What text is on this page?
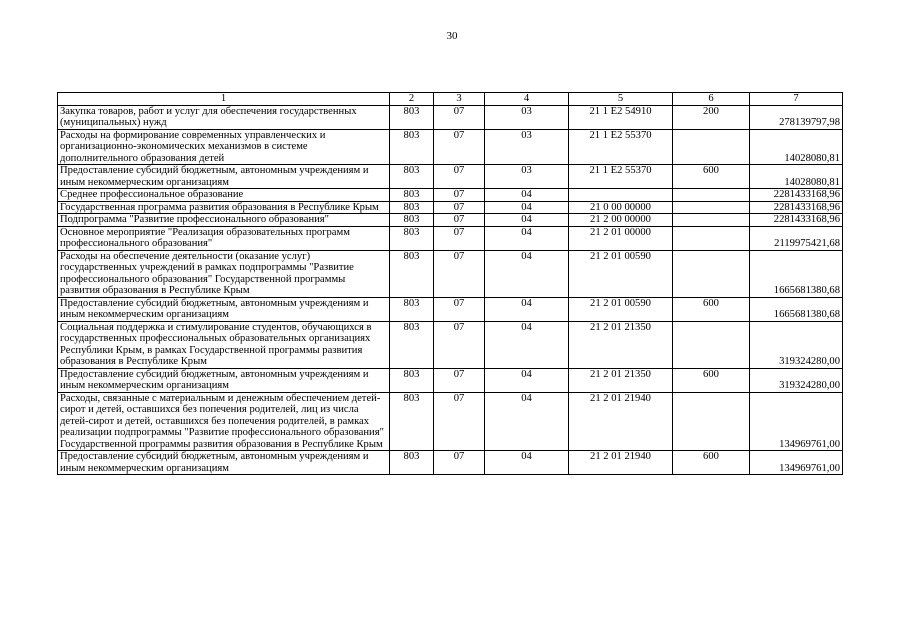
30
1	2	3	4	5	6	7
Закупка товаров, работ и услуг для обеспечения государственных (муниципальных) нужд	803	07	03	21 1 E2 54910	200	278139797,98
Расходы на формирование современных управленческих и организационно-экономических механизмов в системе дополнительного образования детей	803	07	03	21 1 E2 55370		14028080,81
Предоставление субсидий бюджетным, автономным учреждениям и иным некоммерческим организациям	803	07	03	21 1 E2 55370	600	14028080,81
Среднее профессиональное образование	803	07	04			2281433168,96
Государственная программа развития образования в Республике Крым	803	07	04	21 0 00 00000		2281433168,96
Подпрограмма "Развитие профессионального образования"	803	07	04	21 2 00 00000		2281433168,96
Основное мероприятие "Реализация образовательных программ профессионального образования"	803	07	04	21 2 01 00000		2119975421,68
Расходы на обеспечение деятельности (оказание услуг) государственных учреждений в рамках подпрограммы "Развитие профессионального образования" Государственной программы развития образования в Республике Крым	803	07	04	21 2 01 00590		1665681380,68
Предоставление субсидий бюджетным, автономным учреждениям и иным некоммерческим организациям	803	07	04	21 2 01 00590	600	1665681380,68
Социальная поддержка и стимулирование студентов, обучающихся в государственных профессиональных образовательных организациях Республики Крым, в рамках Государственной программы развития образования в Республике Крым	803	07	04	21 2 01 21350		319324280,00
Предоставление субсидий бюджетным, автономным учреждениям и иным некоммерческим организациям	803	07	04	21 2 01 21350	600	319324280,00
Расходы, связанные с материальным и денежным обеспечением детей-сирот и детей, оставшихся без попечения родителей, лиц из числа детей-сирот и детей, оставшихся без попечения родителей, в рамках реализации подпрограммы "Развитие профессионального образования" Государственной программы развития образования в Республике Крым	803	07	04	21 2 01 21940		134969761,00
Предоставление субсидий бюджетным, автономным учреждениям и иным некоммерческим организациям	803	07	04	21 2 01 21940	600	134969761,00
